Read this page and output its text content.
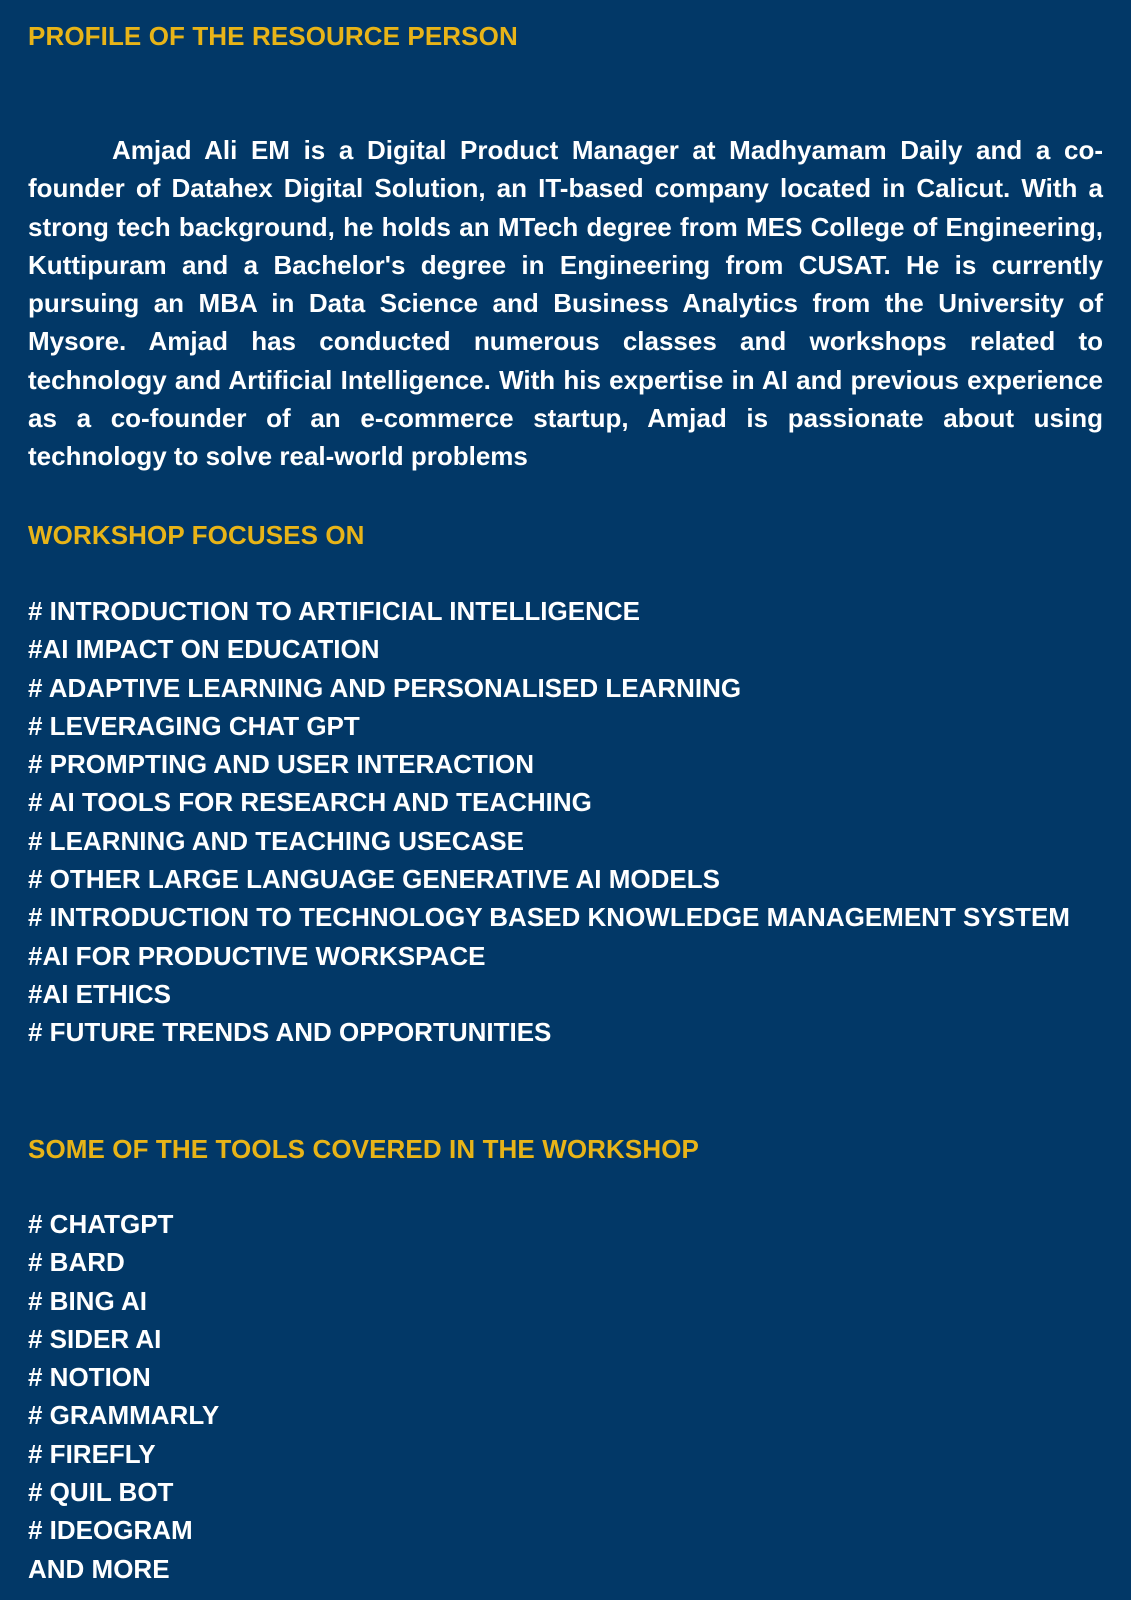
PROFILE OF THE RESOURCE PERSON

Amjad Ali EM is a Digital Product Manager at Madhyamam Daily and a co-founder of Datahex Digital Solution, an IT-based company located in Calicut. With a strong tech background, he holds an MTech degree from MES College of Engineering, Kuttipuram and a Bachelor's degree in Engineering from CUSAT. He is currently pursuing an MBA in Data Science and Business Analytics from the University of Mysore. Amjad has conducted numerous classes and workshops related to technology and Artificial Intelligence. With his expertise in AI and previous experience as a co-founder of an e-commerce startup, Amjad is passionate about using technology to solve real-world problems

WORKSHOP FOCUSES ON
# INTRODUCTION TO ARTIFICIAL INTELLIGENCE
#AI IMPACT ON EDUCATION
# ADAPTIVE LEARNING AND PERSONALISED LEARNING
# LEVERAGING CHAT GPT
# PROMPTING AND USER INTERACTION
# AI TOOLS FOR RESEARCH AND TEACHING
# LEARNING AND TEACHING USECASE
# OTHER LARGE LANGUAGE GENERATIVE AI MODELS
# INTRODUCTION TO TECHNOLOGY BASED KNOWLEDGE MANAGEMENT SYSTEM
#AI FOR PRODUCTIVE WORKSPACE
#AI ETHICS
# FUTURE TRENDS AND OPPORTUNITIES
SOME OF THE TOOLS COVERED IN THE WORKSHOP
# CHATGPT
# BARD
# BING AI
# SIDER AI
# NOTION
# GRAMMARLY
# FIREFLY
# QUIL BOT
# IDEOGRAM

AND MORE
